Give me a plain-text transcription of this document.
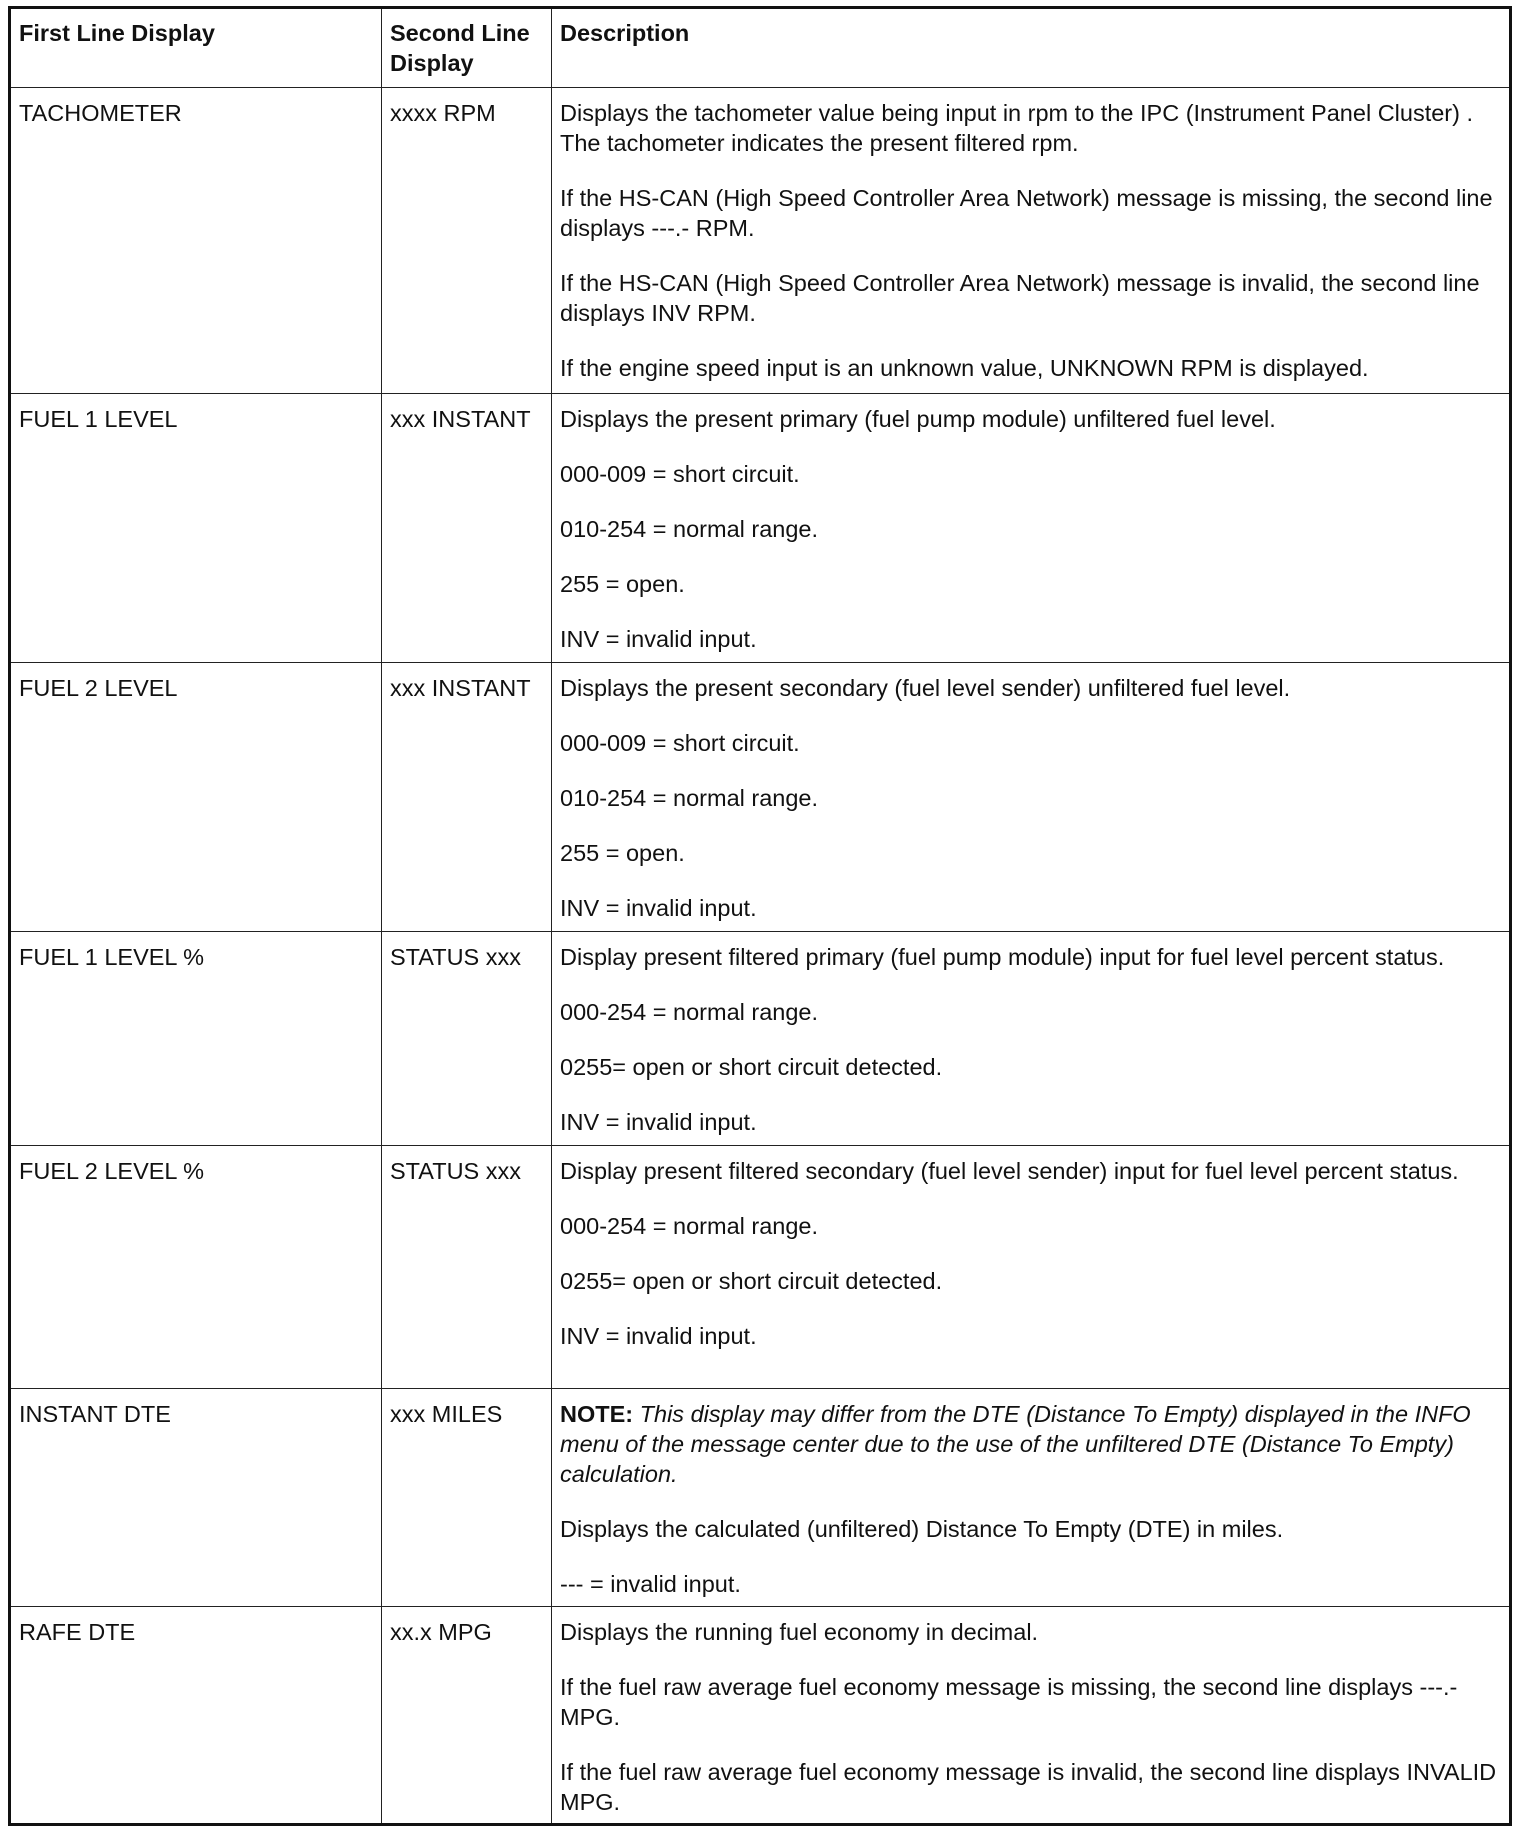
First Line Display	Second Line Display	Description
TACHOMETER	xxxx RPM	Displays the tachometer value being input in rpm to the IPC (Instrument Panel Cluster) . The tachometer indicates the present filtered rpm.

If the HS-CAN (High Speed Controller Area Network) message is missing, the second line displays ---.- RPM.

If the HS-CAN (High Speed Controller Area Network) message is invalid, the second line displays INV RPM.

If the engine speed input is an unknown value, UNKNOWN RPM is displayed.

FUEL 1 LEVEL	xxx INSTANT	Displays the present primary (fuel pump module) unfiltered fuel level.

000-009 = short circuit.

010-254 = normal range.

255 = open.

INV = invalid input.

FUEL 2 LEVEL	xxx INSTANT	Displays the present secondary (fuel level sender) unfiltered fuel level.

000-009 = short circuit.

010-254 = normal range.

255 = open.

INV = invalid input.

FUEL 1 LEVEL %	STATUS xxx	Display present filtered primary (fuel pump module) input for fuel level percent status.

000-254 = normal range.

0255= open or short circuit detected.

INV = invalid input.

FUEL 2 LEVEL %	STATUS xxx	Display present filtered secondary (fuel level sender) input for fuel level percent status.

000-254 = normal range.

0255= open or short circuit detected.

INV = invalid input.

INSTANT DTE	xxx MILES	NOTE: This display may differ from the DTE (Distance To Empty) displayed in the INFO menu of the message center due to the use of the unfiltered DTE (Distance To Empty) calculation.

Displays the calculated (unfiltered) Distance To Empty (DTE) in miles.

--- = invalid input.

RAFE DTE	xx.x MPG	Displays the running fuel economy in decimal.

If the fuel raw average fuel economy message is missing, the second line displays ---.- MPG.

If the fuel raw average fuel economy message is invalid, the second line displays INVALID MPG.
